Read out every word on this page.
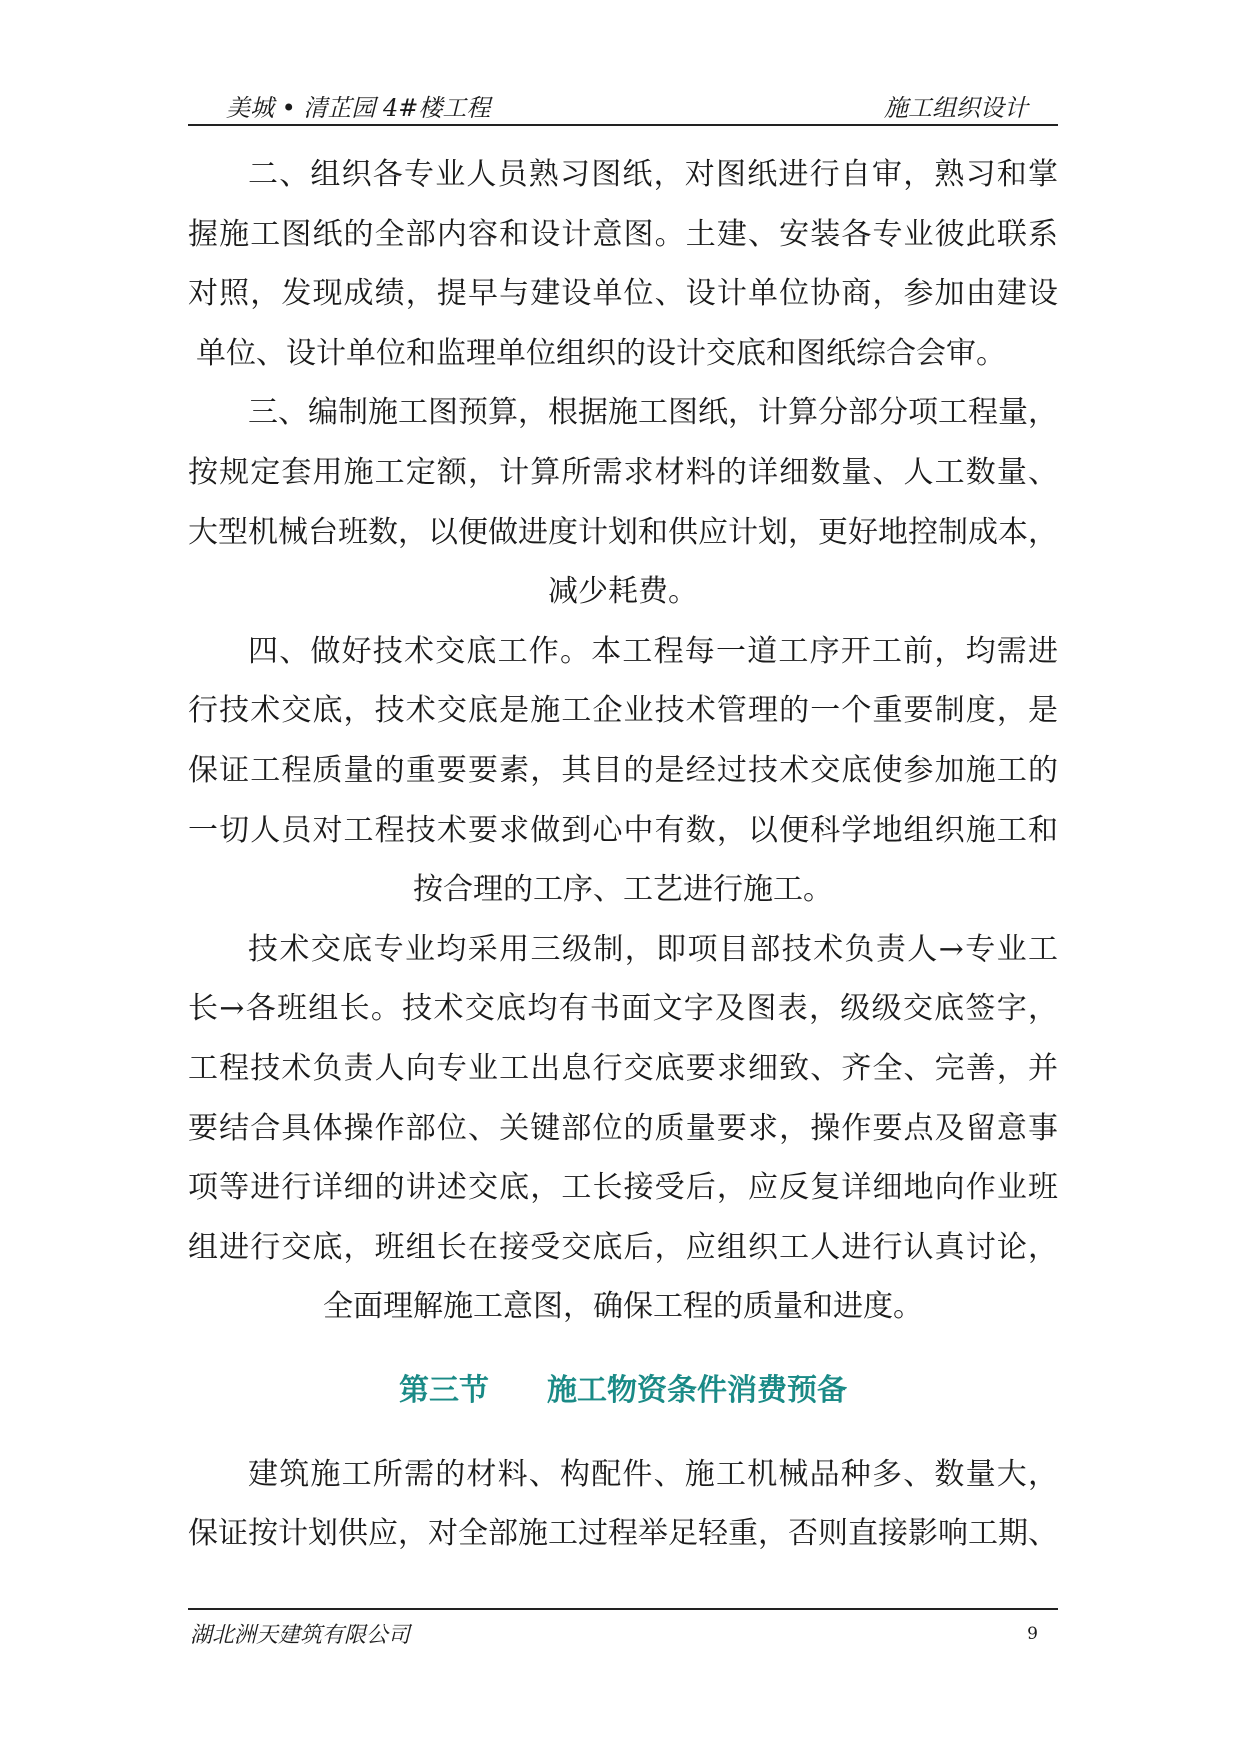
美城 • 清芷园 4#楼工程	施工组织设计

二、组织各专业人员熟习图纸，对图纸进行自审，熟习和掌

握施工图纸的全部内容和设计意图。土建、安装各专业彼此联系

对照，发现成绩，提早与建设单位、设计单位协商，参加由建设

单位、设计单位和监理单位组织的设计交底和图纸综合会审。

三、编制施工图预算，根据施工图纸，计算分部分项工程量，

按规定套用施工定额，计算所需求材料的详细数量、人工数量、

大型机械台班数，以便做进度计划和供应计划，更好地控制成本，

减少耗费。

四、做好技术交底工作。本工程每一道工序开工前，均需进

行技术交底，技术交底是施工企业技术管理的一个重要制度，是

保证工程质量的重要要素，其目的是经过技术交底使参加施工的

一切人员对工程技术要求做到心中有数，以便科学地组织施工和

按合理的工序、工艺进行施工。

技术交底专业均采用三级制，即项目部技术负责人→专业工

长→各班组长。技术交底均有书面文字及图表，级级交底签字，

工程技术负责人向专业工出息行交底要求细致、齐全、完善，并

要结合具体操作部位、关键部位的质量要求，操作要点及留意事

项等进行详细的讲述交底，工长接受后，应反复详细地向作业班

组进行交底，班组长在接受交底后，应组织工人进行认真讨论，

全面理解施工意图，确保工程的质量和进度。

第三节 施工物资条件消费预备

建筑施工所需的材料、构配件、施工机械品种多、数量大，

保证按计划供应，对全部施工过程举足轻重，否则直接影响工期、

湖北洲天建筑有限公司	9
